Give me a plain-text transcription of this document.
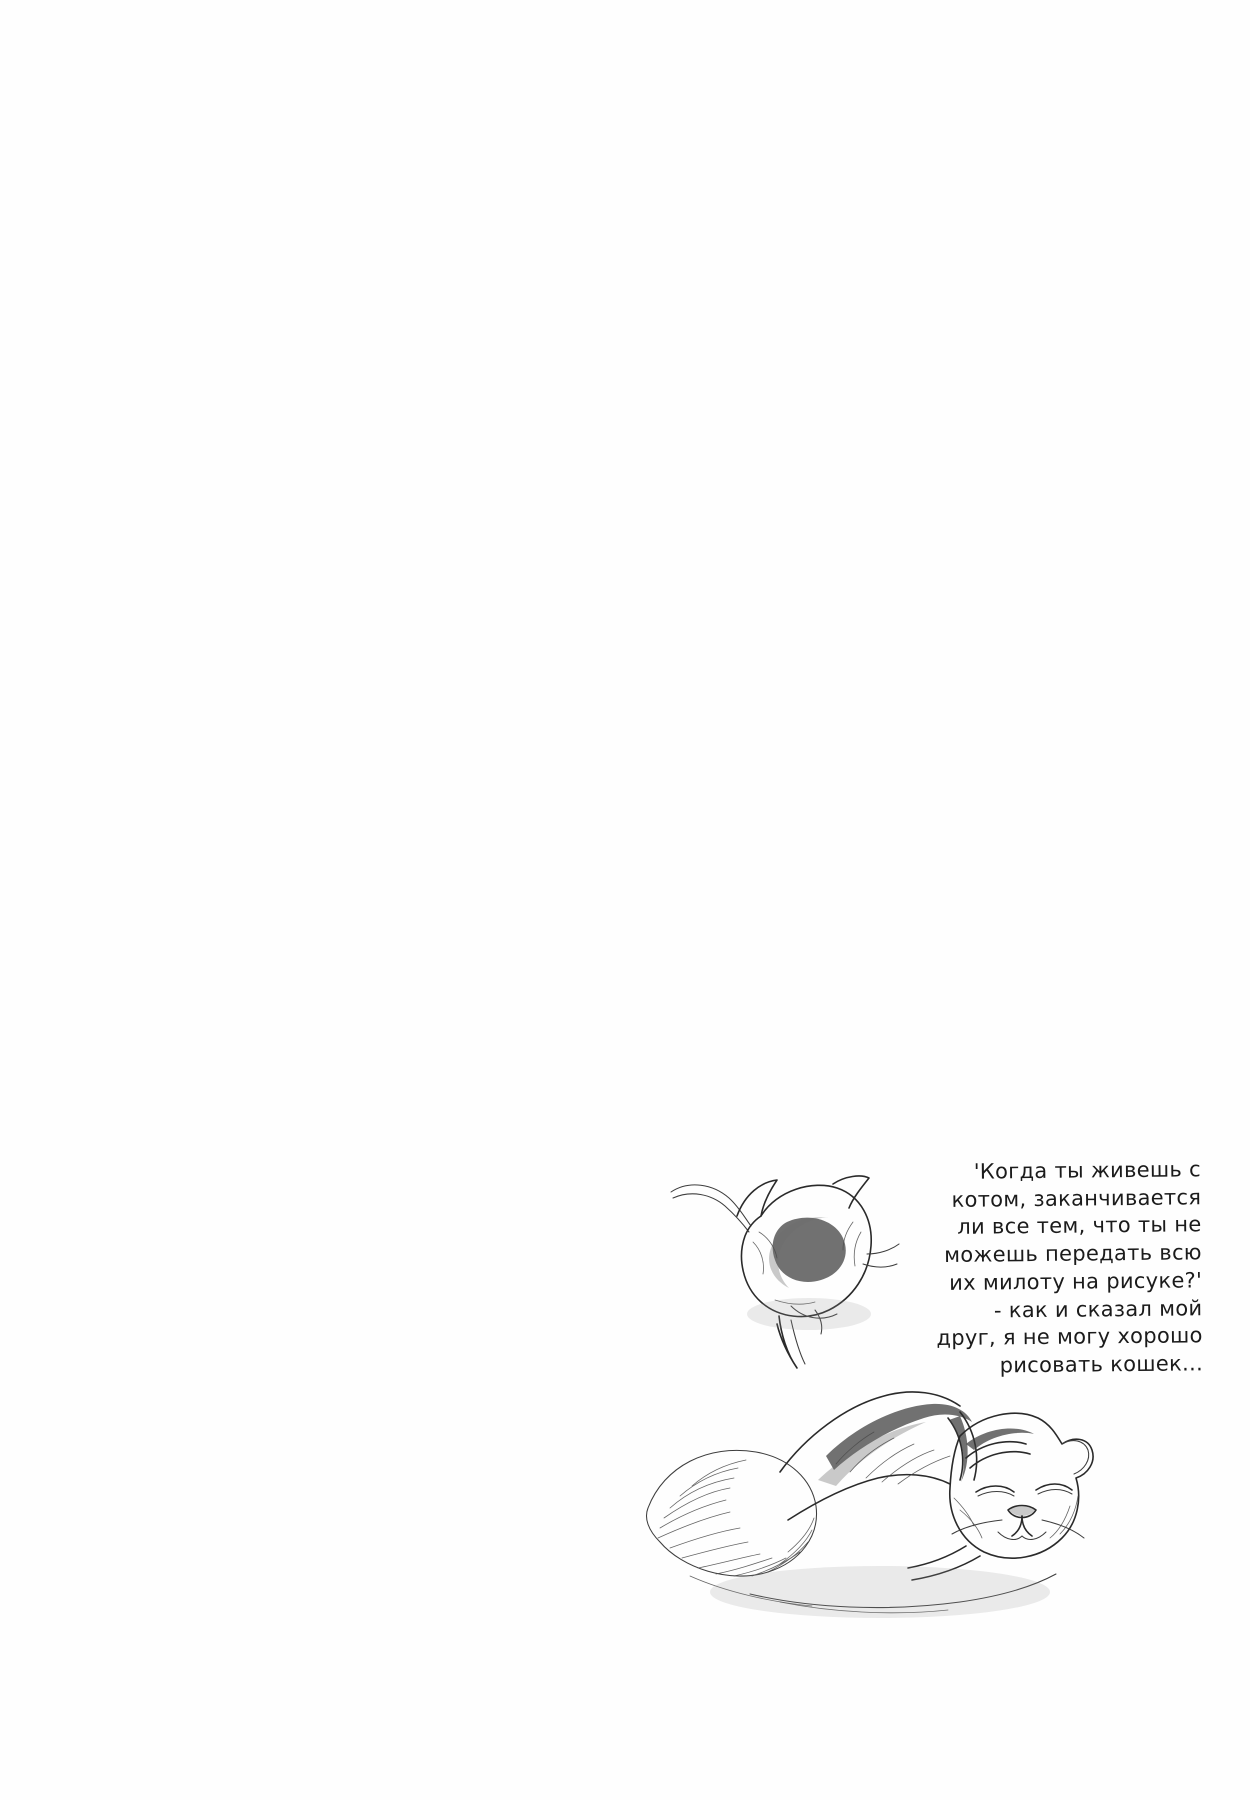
'Когда ты живешь с
котом, заканчивается
ли все тем, что ты не
можешь передать всю
их милоту на рисуке?'
- как и сказал мой
друг, я не могу хорошо
рисовать кошек...
